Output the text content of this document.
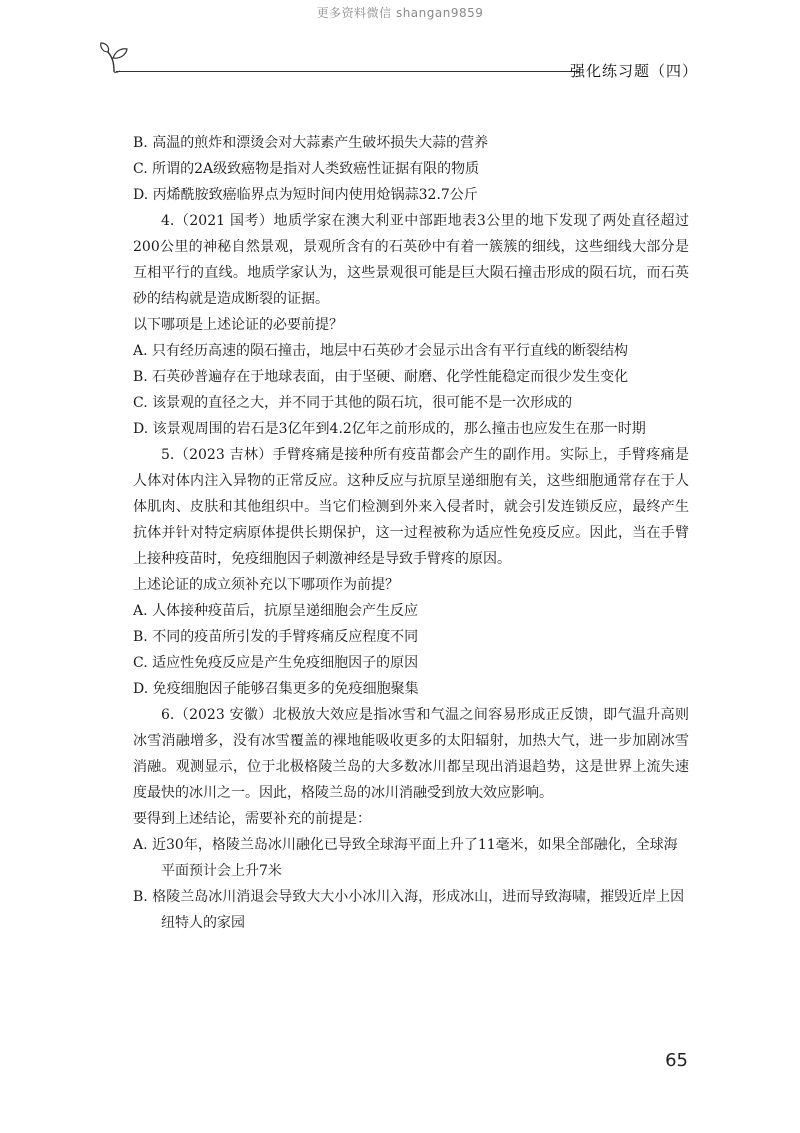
更多资料微信 shangan9859
强化练习题（四）
B. 高温的煎炸和漂烫会对大蒜素产生破坏损失大蒜的营养
C. 所谓的2A级致癌物是指对人类致癌性证据有限的物质
D. 丙烯酰胺致癌临界点为短时间内使用炝锅蒜32.7公斤
4.（2021 国考）地质学家在澳大利亚中部距地表3公里的地下发现了两处直径超过200公里的神秘自然景观，景观所含有的石英砂中有着一簇簇的细线，这些细线大部分是互相平行的直线。地质学家认为，这些景观很可能是巨大陨石撞击形成的陨石坑，而石英砂的结构就是造成断裂的证据。
以下哪项是上述论证的必要前提？
A. 只有经历高速的陨石撞击，地层中石英砂才会显示出含有平行直线的断裂结构
B. 石英砂普遍存在于地球表面，由于坚硬、耐磨、化学性能稳定而很少发生变化
C. 该景观的直径之大，并不同于其他的陨石坑，很可能不是一次形成的
D. 该景观周围的岩石是3亿年到4.2亿年之前形成的，那么撞击也应发生在那一时期
5.（2023 吉林）手臂疼痛是接种所有疫苗都会产生的副作用。实际上，手臂疼痛是人体对体内注入异物的正常反应。这种反应与抗原呈递细胞有关，这些细胞通常存在于人体肌肉、皮肤和其他组织中。当它们检测到外来入侵者时，就会引发连锁反应，最终产生抗体并针对特定病原体提供长期保护，这一过程被称为适应性免疫反应。因此，当在手臂上接种疫苗时，免疫细胞因子刺激神经是导致手臂疼的原因。
上述论证的成立须补充以下哪项作为前提？
A. 人体接种疫苗后，抗原呈递细胞会产生反应
B. 不同的疫苗所引发的手臂疼痛反应程度不同
C. 适应性免疫反应是产生免疫细胞因子的原因
D. 免疫细胞因子能够召集更多的免疫细胞聚集
6.（2023 安徽）北极放大效应是指冰雪和气温之间容易形成正反馈，即气温升高则冰雪消融增多，没有冰雪覆盖的裸地能吸收更多的太阳辐射，加热大气，进一步加剧冰雪消融。观测显示，位于北极格陵兰岛的大多数冰川都呈现出消退趋势，这是世界上流失速度最快的冰川之一。因此，格陵兰岛的冰川消融受到放大效应影响。
要得到上述结论，需要补充的前提是：
A. 近30年，格陵兰岛冰川融化已导致全球海平面上升了11毫米，如果全部融化，全球海平面预计会上升7米
B. 格陵兰岛冰川消退会导致大大小小冰川入海，形成冰山，进而导致海啸，摧毁近岸上因纽特人的家园
65
